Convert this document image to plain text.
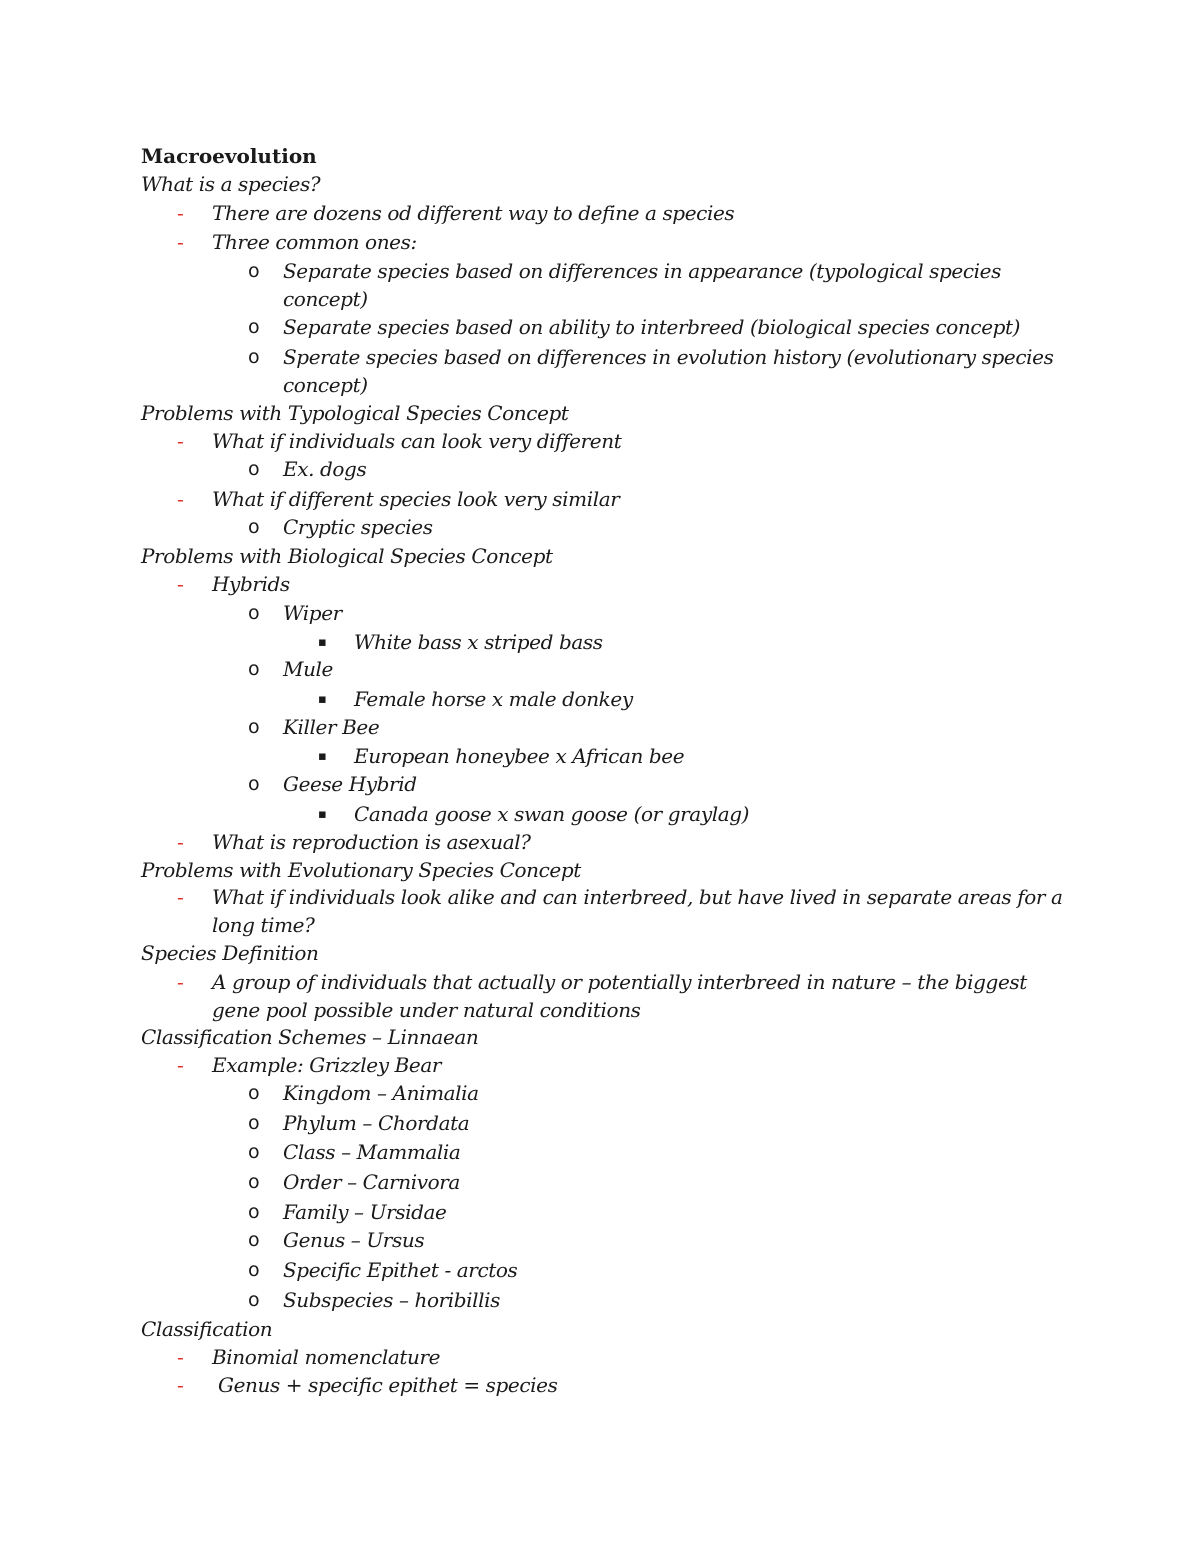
Macroevolution
What is a species?
- There are dozens od different way to define a species
- Three common ones:
o Separate species based on differences in appearance (typological species
concept)
o Separate species based on ability to interbreed (biological species concept)
o Sperate species based on differences in evolution history (evolutionary species
concept)
Problems with Typological Species Concept
- What if individuals can look very different
o Ex. dogs
- What if different species look very similar
o Cryptic species
Problems with Biological Species Concept
- Hybrids
o Wiper
▪ White bass x striped bass
o Mule
▪ Female horse x male donkey
o Killer Bee
▪ European honeybee x African bee
o Geese Hybrid
▪ Canada goose x swan goose (or graylag)
- What is reproduction is asexual?
Problems with Evolutionary Species Concept
- What if individuals look alike and can interbreed, but have lived in separate areas for a
long time?
Species Definition
- A group of individuals that actually or potentially interbreed in nature – the biggest
gene pool possible under natural conditions
Classification Schemes – Linnaean
- Example: Grizzley Bear
o Kingdom – Animalia
o Phylum – Chordata
o Class – Mammalia
o Order – Carnivora
o Family – Ursidae
o Genus – Ursus
o Specific Epithet - arctos
o Subspecies – horibillis
Classification
- Binomial nomenclature
- Genus + specific epithet = species
